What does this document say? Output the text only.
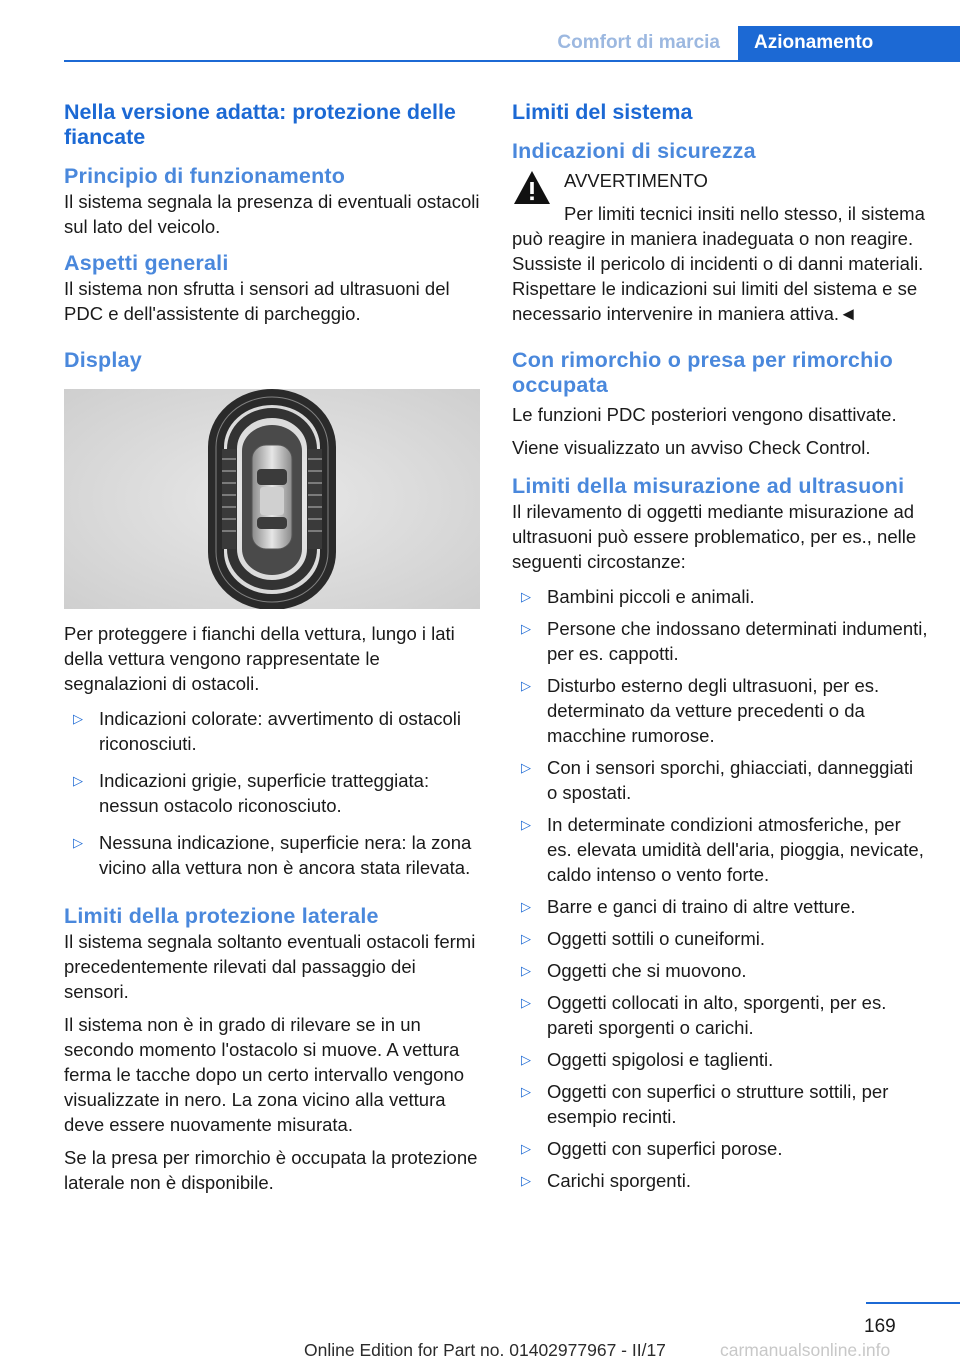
Comfort di marcia	Azionamento
Nella versione adatta: protezione delle fiancate
Principio di funzionamento

Il sistema segnala la presenza di eventuali ostacoli sul lato del veicolo.

Aspetti generali

Il sistema non sfrutta i sensori ad ultrasuoni del PDC e dell'assistente di parcheggio.

Display

Per proteggere i fianchi della vettura, lungo i lati della vettura vengono rappresentate le segnalazioni di ostacoli.

▷ Indicazioni colorate: avvertimento di ostacoli riconosciuti.
▷ Indicazioni grigie, superficie tratteggiata: nessun ostacolo riconosciuto.
▷ Nessuna indicazione, superficie nera: la zona vicino alla vettura non è ancora stata rilevata.
Limiti della protezione laterale

Il sistema segnala soltanto eventuali ostacoli fermi precedentemente rilevati dal passaggio dei sensori.

Il sistema non è in grado di rilevare se in un secondo momento l'ostacolo si muove. A vettura ferma le tacche dopo un certo intervallo vengono visualizzate in nero. La zona vicino alla vettura deve essere nuovamente misurata.

Se la presa per rimorchio è occupata la protezione laterale non è disponibile.

Limiti del sistema
Indicazioni di sicurezza
AVVERTIMENTO

Per limiti tecnici insiti nello stesso, il sistema può reagire in maniera inadeguata o non reagire. Sussiste il pericolo di incidenti o di danni materiali. Rispettare le indicazioni sui limiti del sistema e se necessario intervenire in maniera attiva.◄

Con rimorchio o presa per rimorchio occupata

Le funzioni PDC posteriori vengono disattivate.

Viene visualizzato un avviso Check Control.

Limiti della misurazione ad ultrasuoni

Il rilevamento di oggetti mediante misurazione ad ultrasuoni può essere problematico, per es., nelle seguenti circostanze:

▷ Bambini piccoli e animali.
▷ Persone che indossano determinati indumenti, per es. cappotti.
▷ Disturbo esterno degli ultrasuoni, per es. determinato da vetture precedenti o da macchine rumorose.
▷ Con i sensori sporchi, ghiacciati, danneggiati o spostati.
▷ In determinate condizioni atmosferiche, per es. elevata umidità dell'aria, pioggia, nevicate, caldo intenso o vento forte.
▷ Barre e ganci di traino di altre vetture.
▷ Oggetti sottili o cuneiformi.
▷ Oggetti che si muovono.
▷ Oggetti collocati in alto, sporgenti, per es. pareti sporgenti o carichi.
▷ Oggetti spigolosi e taglienti.
▷ Oggetti con superfici o strutture sottili, per esempio recinti.
▷ Oggetti con superfici porose.
▷ Carichi sporgenti.
169
Online Edition for Part no. 01402977967 - II/17	carmanualsonline.info
